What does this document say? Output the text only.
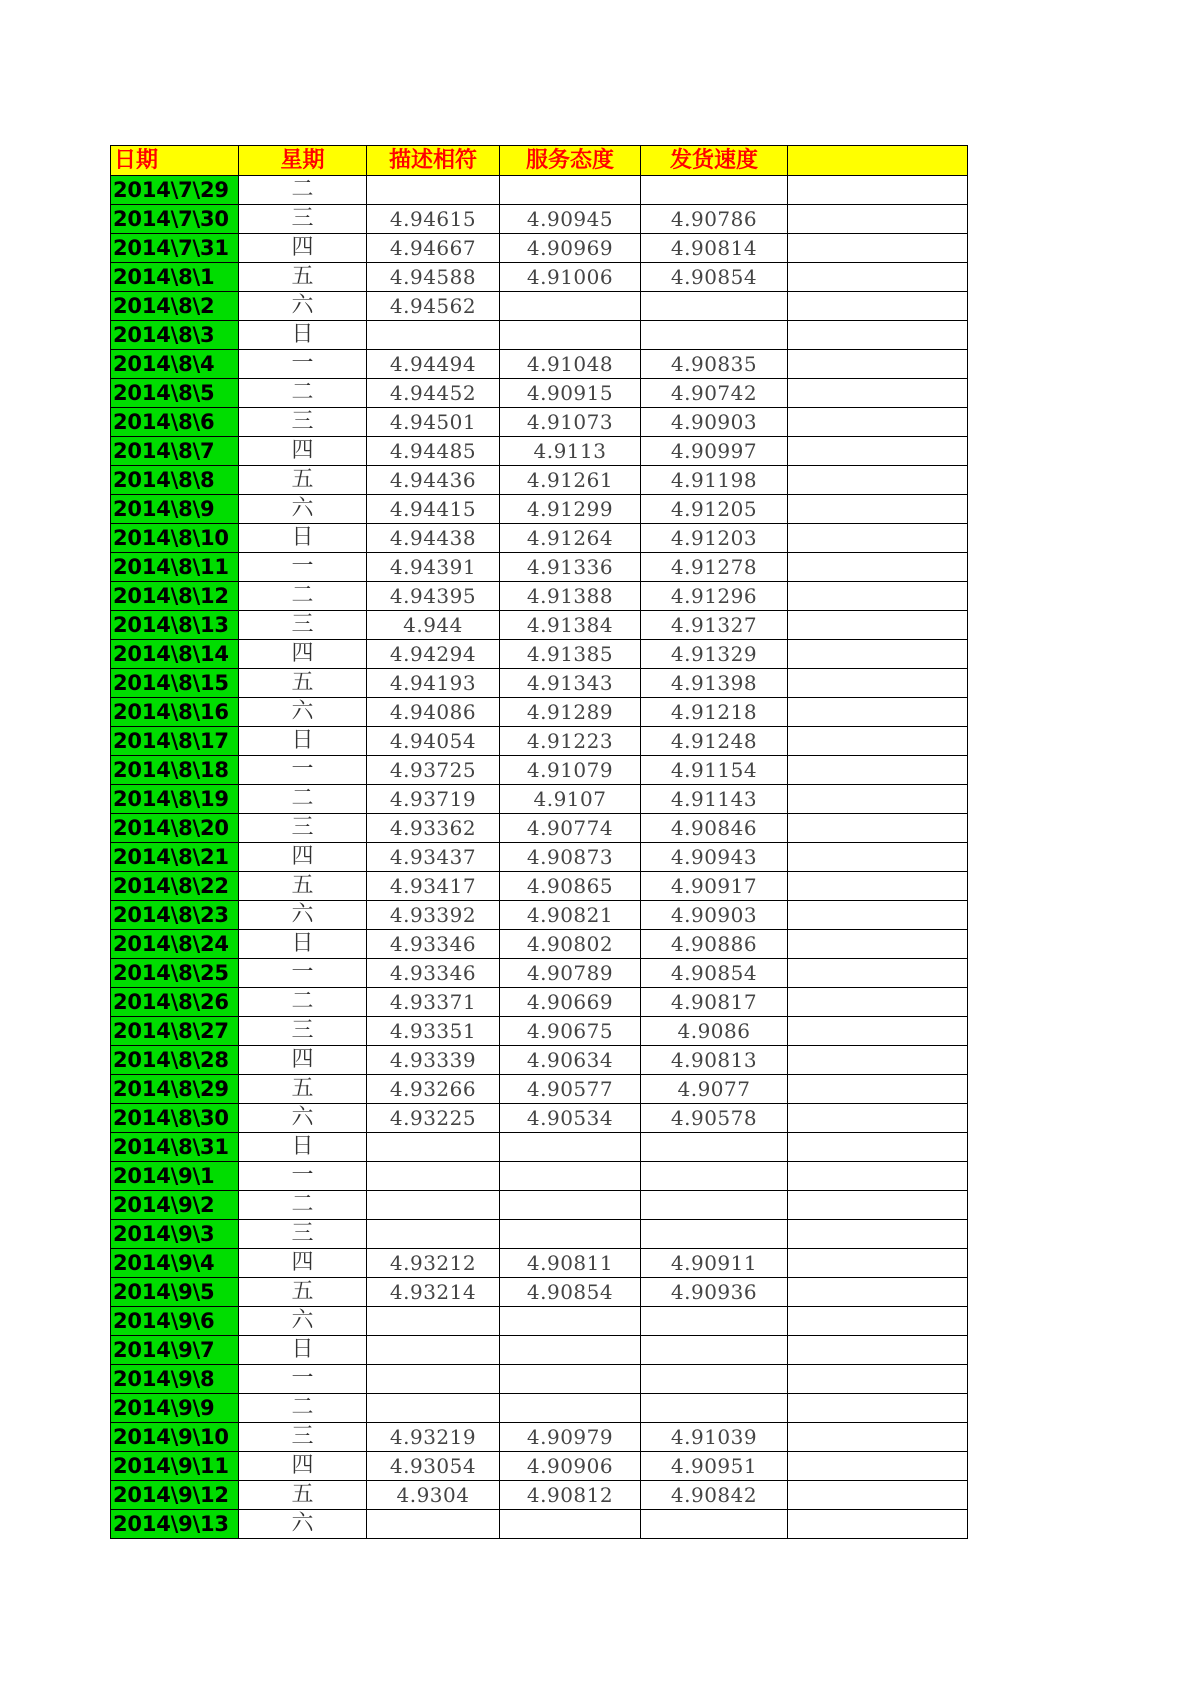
日期	星期	描述相符	服务态度	发货速度	
2014\7\29	二				
2014\7\30	三	4.94615	4.90945	4.90786	
2014\7\31	四	4.94667	4.90969	4.90814	
2014\8\1	五	4.94588	4.91006	4.90854	
2014\8\2	六	4.94562			
2014\8\3	日				
2014\8\4	一	4.94494	4.91048	4.90835	
2014\8\5	二	4.94452	4.90915	4.90742	
2014\8\6	三	4.94501	4.91073	4.90903	
2014\8\7	四	4.94485	4.9113	4.90997	
2014\8\8	五	4.94436	4.91261	4.91198	
2014\8\9	六	4.94415	4.91299	4.91205	
2014\8\10	日	4.94438	4.91264	4.91203	
2014\8\11	一	4.94391	4.91336	4.91278	
2014\8\12	二	4.94395	4.91388	4.91296	
2014\8\13	三	4.944	4.91384	4.91327	
2014\8\14	四	4.94294	4.91385	4.91329	
2014\8\15	五	4.94193	4.91343	4.91398	
2014\8\16	六	4.94086	4.91289	4.91218	
2014\8\17	日	4.94054	4.91223	4.91248	
2014\8\18	一	4.93725	4.91079	4.91154	
2014\8\19	二	4.93719	4.9107	4.91143	
2014\8\20	三	4.93362	4.90774	4.90846	
2014\8\21	四	4.93437	4.90873	4.90943	
2014\8\22	五	4.93417	4.90865	4.90917	
2014\8\23	六	4.93392	4.90821	4.90903	
2014\8\24	日	4.93346	4.90802	4.90886	
2014\8\25	一	4.93346	4.90789	4.90854	
2014\8\26	二	4.93371	4.90669	4.90817	
2014\8\27	三	4.93351	4.90675	4.9086	
2014\8\28	四	4.93339	4.90634	4.90813	
2014\8\29	五	4.93266	4.90577	4.9077	
2014\8\30	六	4.93225	4.90534	4.90578	
2014\8\31	日				
2014\9\1	一				
2014\9\2	二				
2014\9\3	三				
2014\9\4	四	4.93212	4.90811	4.90911	
2014\9\5	五	4.93214	4.90854	4.90936	
2014\9\6	六				
2014\9\7	日				
2014\9\8	一				
2014\9\9	二				
2014\9\10	三	4.93219	4.90979	4.91039	
2014\9\11	四	4.93054	4.90906	4.90951	
2014\9\12	五	4.9304	4.90812	4.90842	
2014\9\13	六				
